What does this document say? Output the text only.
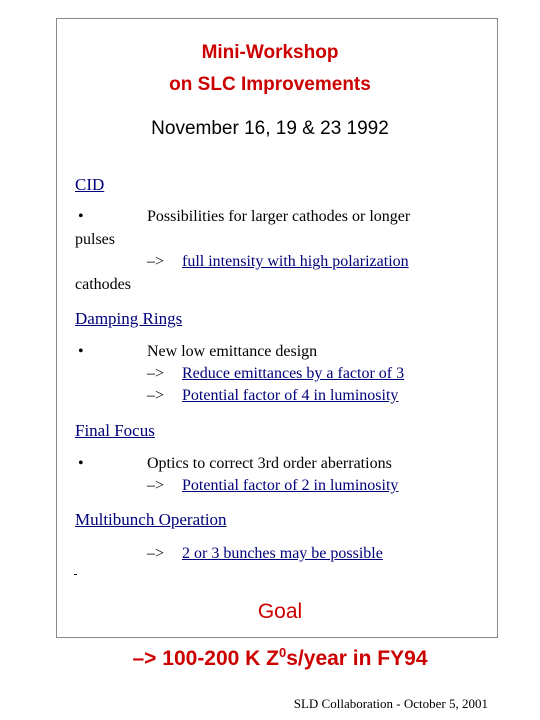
Mini-Workshop
on SLC Improvements
November 16, 19 & 23 1992
CID
•	Possibilities for larger cathodes or longer
pulses
–> full intensity with high polarization
cathodes
Damping Rings
•	New low emittance design
–> Reduce emittances by a factor of 3
–> Potential factor of 4 in luminosity
Final Focus
•	Optics to correct 3rd order aberrations
–> Potential factor of 2 in luminosity
Multibunch Operation
–> 2 or 3 bunches may be possible
Goal
–> 100-200 K $Z^0s$/year in FY94
SLD Collaboration - October 5, 2001
